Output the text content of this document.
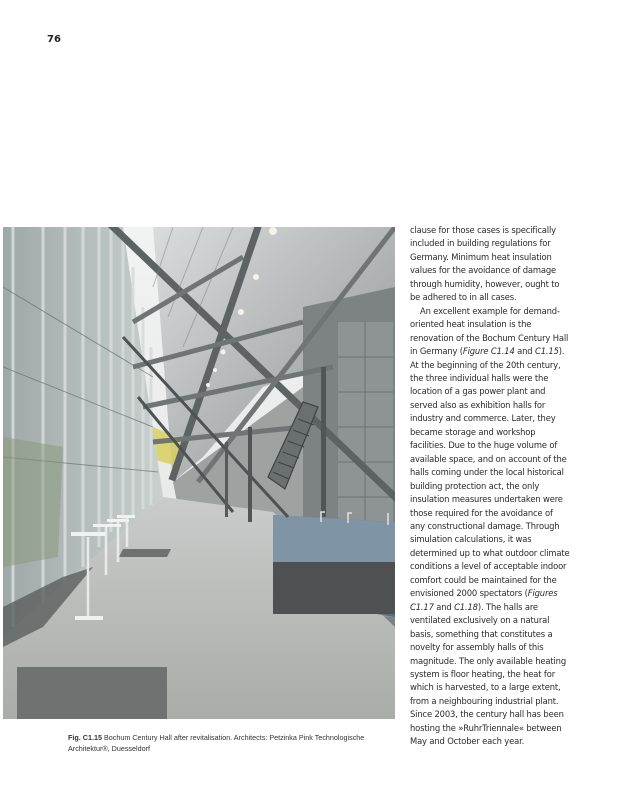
76
Fig. C1.15 Bochum Century Hall after revitalisation. Architects: Petzinka Pink Technologische Architektur®, Duesseldorf

clause for those cases is specifically included in building regulations for Germany. Minimum heat insulation values for the avoidance of damage through humidity, however, ought to be adhered to in all cases.

An excellent example for demand-oriented heat insulation is the renovation of the Bochum Century Hall in Germany (Figure C1.14 and C1.15). At the beginning of the 20th century, the three individual halls were the location of a gas power plant and served also as exhibition halls for industry and commerce. Later, they became storage and workshop facilities. Due to the huge volume of available space, and on account of the halls coming under the local historical building protection act, the only insulation measures undertaken were those required for the avoidance of any constructional damage. Through simulation calculations, it was determined up to what outdoor climate conditions a level of acceptable indoor comfort could be maintained for the envisioned 2000 spectators (Figures C1.17 and C1.18). The halls are ventilated exclusively on a natural basis, something that constitutes a novelty for assembly halls of this magnitude. The only available heating system is floor heating, the heat for which is harvested, to a large extent, from a neighbouring industrial plant. Since 2003, the century hall has been hosting the »RuhrTriennale« between May and October each year.
